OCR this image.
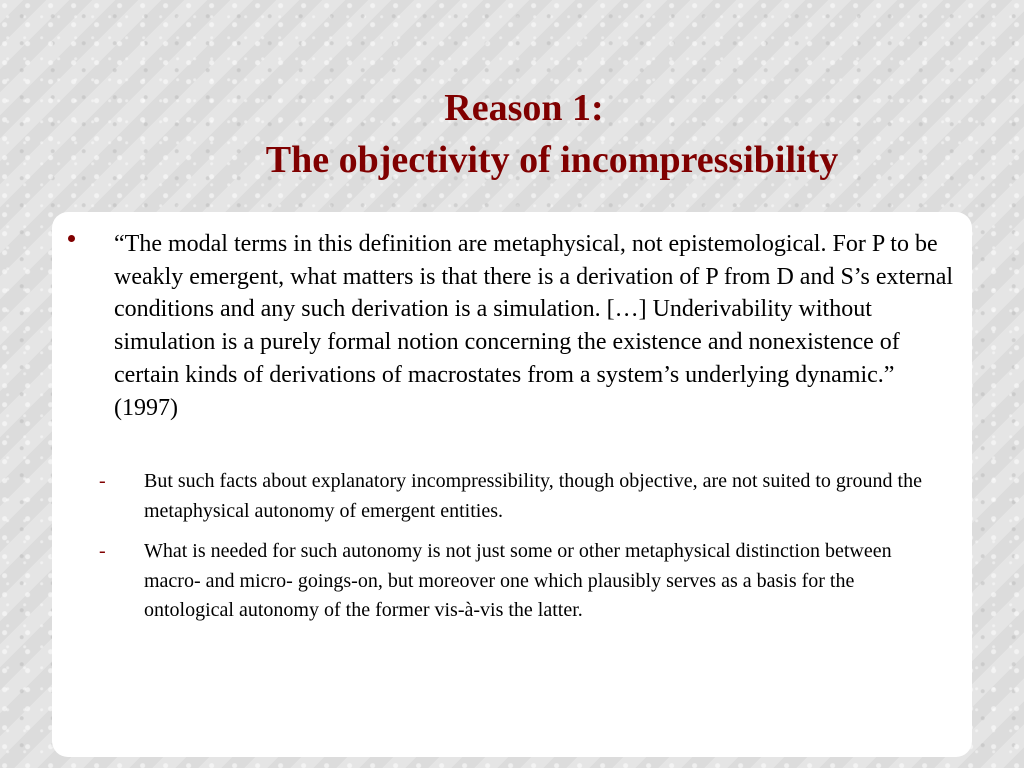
Reason 1:
The objectivity of incompressibility
“The modal terms in this definition are metaphysical, not epistemological. For P to be weakly emergent, what matters is that there is a derivation of P from D and S’s external conditions and any such derivation is a simulation. […] Underivability without simulation is a purely formal notion concerning the existence and nonexistence of certain kinds of derivations of macrostates from a system’s underlying dynamic.” (1997)
- But such facts about explanatory incompressibility, though objective, are not suited to ground the metaphysical autonomy of emergent entities.
- What is needed for such autonomy is not just some or other metaphysical distinction between macro- and micro- goings-on, but moreover one which plausibly serves as a basis for the ontological autonomy of the former vis-à-vis the latter.
